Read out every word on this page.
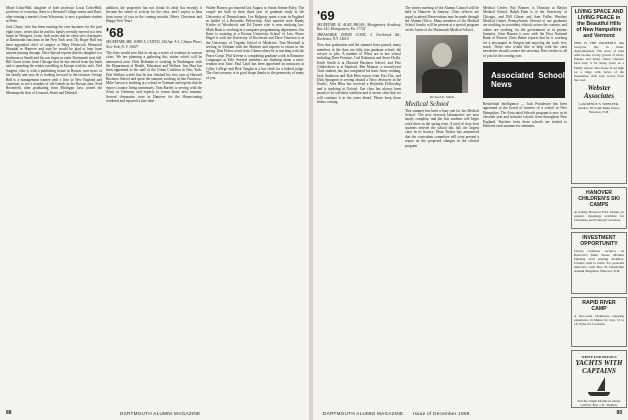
Marie Cohn-Bhil, daughter of both professor Louis Cohn-Bhil, professor of economy, there is a Bernard College senior and Dave, after earning a master's from Wisconsin, is now a graduate student at Penn.

Jack Chase, who has been running his own business for the past eight years, writes that he and his family recently moved to a new home in Westport, Conn. Jack notes that he often sees classmates at Dartmouth functions in the New York area. Dr. Roger Hall has been appointed chief of surgery at Mary Hitchcock Memorial Hospital in Hanover and says he would be glad to hear from anyone passing through. Dave Spivak reports that his daughter is a freshman at Smith and his son hopes to enter Dartmouth next fall. Bill Grant writes from Chicago that he has retired from the bank and is spending the winter travelling in Europe with his wife. Ned Sargent, who is with a publishing house in Boston, sent news of his family and says he is looking forward to the reunion. George Bell is a management trainee with a firm in New England and continues to see a number of old friends in the Boston area. Fred Rosenfeld, after graduating from Michigan Law, joined the Minneapolis firm of Leonard, Street and Deinard.

addition, the properties has not found its ideal but recently it became the centre of activity for the class, and I expect to hear from many of you in the coming months. Merry Christmas and Happy New Year!

'68

SECRETARY, MR. JOHN A. CURTIS, 104 Apt. A-1, Clinton Place, New York, N. Y. 10027

The class would now like to set up a series of reunions in various cities. We are planning a gathering this winter which will be announced soon. Dick Rothman is working in Washington with the Department of Health, Education and Welfare. Jim Hart has been appointed to the staff of the Urban Coalition in New York. Pete Wallace writes that he has finished his first year at Harvard Business School and spent the summer working in San Francisco. Mike Larson is teaching at a school in Vermont and reports that he enjoys country living immensely. Tom Barrett is serving with the Army in Germany and expects to return home next summer. Several classmates were in Hanover for the Homecoming weekend and reported a fine time.

Walter Baynes got married last August to Susan Jeanne Foley. The couple are both in their third year of graduate study at the University of Pennsylvania. Lee Ridgway spent a year in England as holder of a Reynolds Fellowship. Also married were Randy Kistler of Woodstock and Ed Turner who is now studying law. Mark Butts is working in a computer programming department. Jim Kane is assisting at a Boston University School of Law. Bruce Hugel is with the University of Rochester and Dave Thurston is at the University of Virginia School of Medicine. Tom Marshall is serving in Vietnam with the Marines and expects to return in the spring. Don Fisher wrote from Ghana where he is teaching with the Peace Corps. Phil Greene is completing graduate work in Romance Languages at Yale. Several members are thinking about a mini-reunion next June. Paul Laird has been appointed an instructor at Colby College and Rick Vaughn is a law clerk for a federal judge. The class treasury is in good shape thanks to the generosity of many of you.

88	DARTMOUTH ALUMNI MAGAZINE
'69

SECRETARY, R. ALAN PAGAN, Montgomery Academy, Box 141, Montgomery, Pa. 17752

TREASURER, DAVID COOK, 2 Overbrook Rd., Rochester, N.Y. 14610

Now that graduation and the summer have passed, many members of the class are fully into graduate school, the service or jobs. A number of '69ers are in law school including Dave Prentice, Carl Robinson and Steve Hollis. Keith Smith is at Harvard Business School, and Pete Gildersleeve is at Stanford. Ben Munroe, a second-year Tuck student, has just completed his basic Army training. Jack Anderson and Bob Hess report from Fort Dix, and Dick Spurgeon is serving aboard a Navy destroyer in the Pacific. Alex Bliss has received a Reynolds Fellowship and is studying at Oxford. Our class has always been proud of its scholarly tradition and it seems clear that we will continue it in the years ahead. Please keep those letters coming.

Medical Center, Bro Bonner, is Houston at Baylor Medical School, Ralph Palm is at the University of Chicago, and Bill Glaser and Sam Fuller, Hershey Medical Center, Pennsylvania. Several of our graduates are teaching in secondary schools across the country, and others are working for the government or in private business. John Hansen is now with the First National Bank of Boston. Chris Baker reports that he is working for a newspaper in Oregon and enjoying the work very much. Those who would like to help with the class newsletter should contact the secretary. Best wishes to all of you for the coming year.

Associated School News

Residential Intelligence — Jack Poindexter has been appointed to the board of trustees of a school in New Hampshire. The Associated Schools program is now in its eleventh year and includes schools from throughout New England. Teachers from these schools are invited to Hanover each summer for seminars.

The winter meeting of the Alumni Council will be held in Hanover in January. Class officers are urged to attend. Reservations may be made through the Alumni Office. Many members of the Medical School faculty will be present at a special program on the future of the Dartmouth Medical School.

Richard R. Smith
Medical School

This summer has been a busy one for the Medical School. The new research laboratories are now nearly complete, and the first students will begin work there in the spring term. A total of sixty-four students entered the school this fall, the largest class in its history. Dean Tucker has announced that the curriculum committee will soon present a report on the proposed changes in the clinical program.

LIVING SPACE AND LIVING PEACE in the Beautiful Hills of New Hampshire and Vermont
THIS IS THE PROPERTY that everyone has in mind. Approximately 750 acres of land with brooks, lovely groves of birch, maples and many others. Owners have kept it for many years as a family retreat. The house is set high on a ridge with views of the mountains, with easy access from the road.
Webster Associates
LAWRENCE S. WEBSTER, Realtor, 85 South Main Street, Hanover, N.H.
HANOVER CHILDREN'S SKI CAMPS
At Ashley House in Etna. Details on request. Openings available for Christmas and February vacations.
INVESTMENT OPPORTUNITY
Choice business location on Hanover's Main Street. Modern building with parking facilities. Owners wish to retire. For personal interview write Box B, Dartmouth Alumni Magazine, Hanover, N.H.
RAPID RIVER CAMP
A five-week wilderness canoeing experience in Maine for boys 13 to 16. Write for brochure.
WRITE FOR DETAILS
YACHTS WITH CAPTAINS
Sail the Virgin Islands in winter comfort. Box 1 St. Thomas.
Issue of December 1969
DARTMOUTH ALUMNI MAGAZINE	89
